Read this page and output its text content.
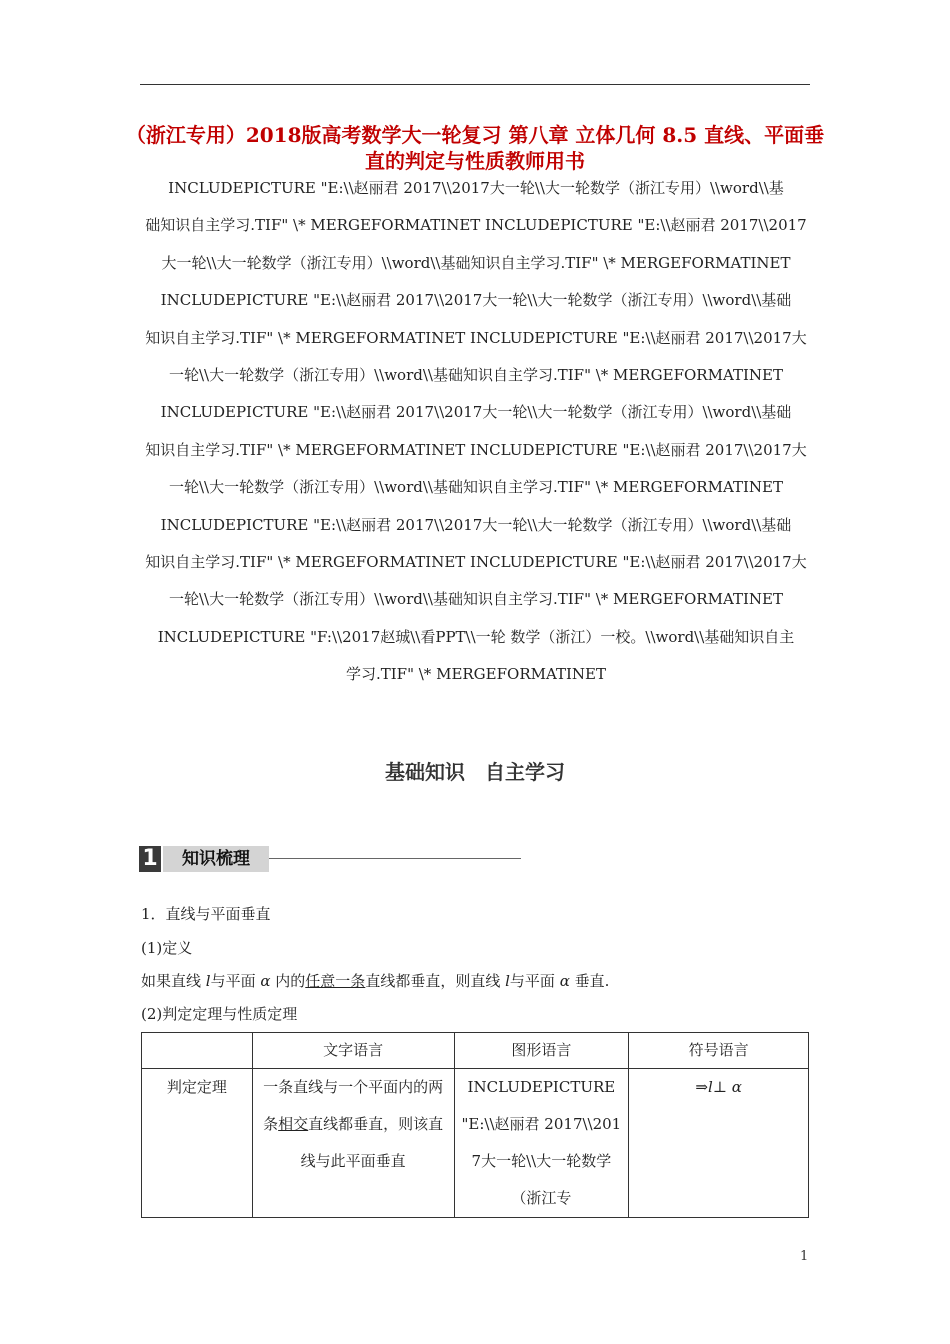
（浙江专用）2018版高考数学大一轮复习 第八章 立体几何 8.5 直线、平面垂直的判定与性质教师用书
INCLUDEPICTURE "E:\\赵丽君 2017\\2017大一轮\\大一轮数学（浙江专用）\\word\\基
础知识自主学习.TIF" \* MERGEFORMATINET INCLUDEPICTURE "E:\\赵丽君 2017\\2017
大一轮\\大一轮数学（浙江专用）\\word\\基础知识自主学习.TIF" \* MERGEFORMATINET
INCLUDEPICTURE "E:\\赵丽君 2017\\2017大一轮\\大一轮数学（浙江专用）\\word\\基础
知识自主学习.TIF" \* MERGEFORMATINET INCLUDEPICTURE "E:\\赵丽君 2017\\2017大
一轮\\大一轮数学（浙江专用）\\word\\基础知识自主学习.TIF" \* MERGEFORMATINET
INCLUDEPICTURE "E:\\赵丽君 2017\\2017大一轮\\大一轮数学（浙江专用）\\word\\基础
知识自主学习.TIF" \* MERGEFORMATINET INCLUDEPICTURE "E:\\赵丽君 2017\\2017大
一轮\\大一轮数学（浙江专用）\\word\\基础知识自主学习.TIF" \* MERGEFORMATINET
INCLUDEPICTURE "E:\\赵丽君 2017\\2017大一轮\\大一轮数学（浙江专用）\\word\\基础
知识自主学习.TIF" \* MERGEFORMATINET INCLUDEPICTURE "E:\\赵丽君 2017\\2017大
一轮\\大一轮数学（浙江专用）\\word\\基础知识自主学习.TIF" \* MERGEFORMATINET
INCLUDEPICTURE "F:\\2017赵珹\\看PPT\\一轮 数学（浙江）一校。\\word\\基础知识自主
学习.TIF" \* MERGEFORMATINET
基础知识　自主学习
1	知识梳理
1．直线与平面垂直
(1)定义
如果直线 l与平面 α 内的任意一条直线都垂直，则直线 l与平面 α 垂直.
(2)判定定理与性质定理
	文字语言	图形语言	符号语言
判定定理	一条直线与一个平面内的两条相交直线都垂直，则该直线与此平面垂直	INCLUDEPICTURE "E:\\赵丽君 2017\\2017大一轮\\大一轮数学（浙江专	⇒l⊥ α
1
